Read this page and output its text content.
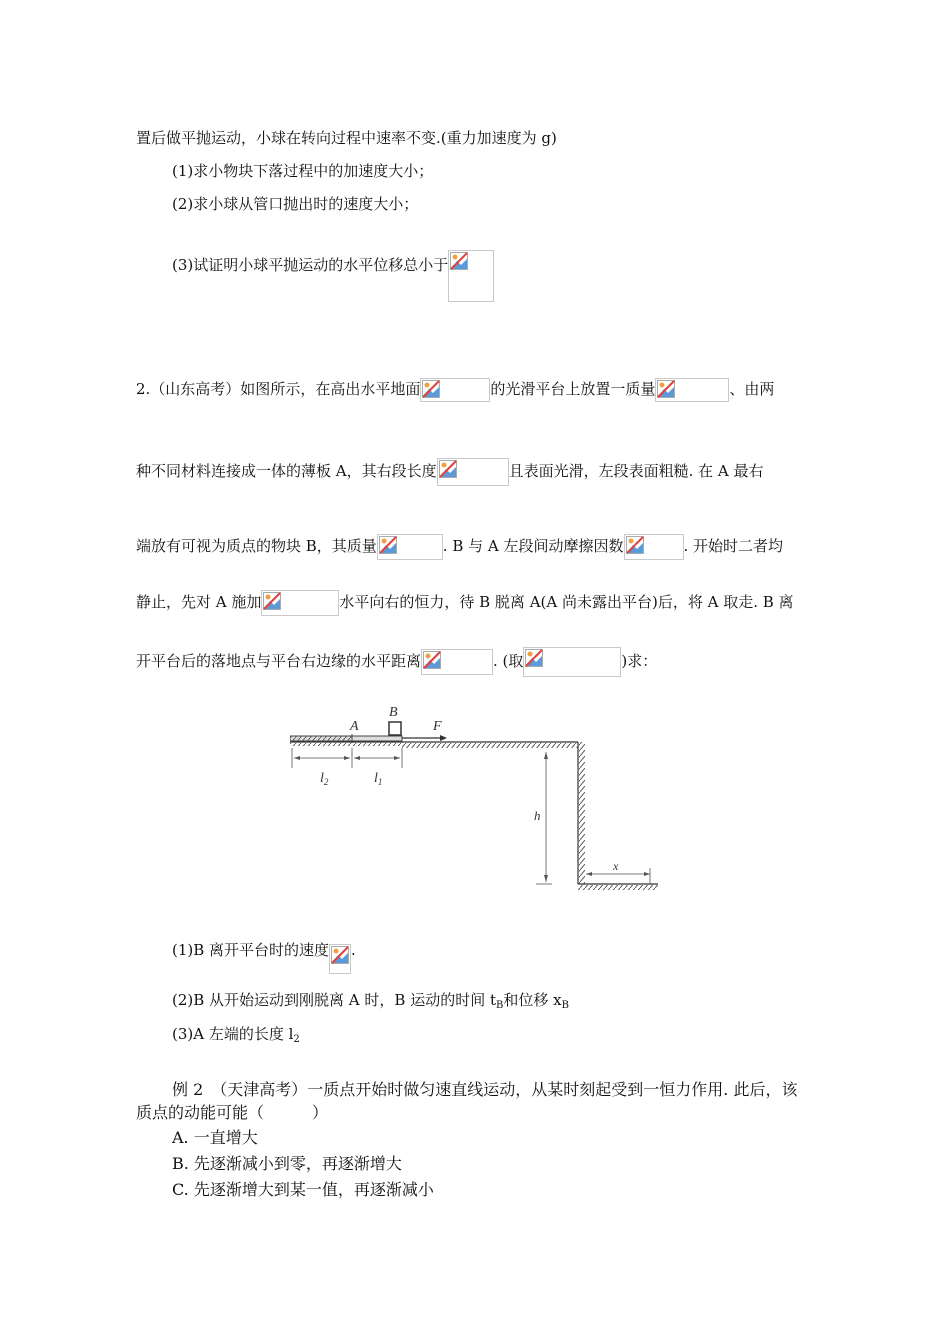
置后做平抛运动，小球在转向过程中速率不变.(重力加速度为 g)
(1)求小物块下落过程中的加速度大小；
(2)求小球从管口抛出时的速度大小；
(3)试证明小球平抛运动的水平位移总小于
2.（山东高考）如图所示，在高出水平地面	的光滑平台上放置一质量	、由两
种不同材料连接成一体的薄板 A，其右段长度	且表面光滑，左段表面粗糙. 在 A 最右
端放有可视为质点的物块 B，其质量	. B 与 A 左段间动摩擦因数	. 开始时二者均
静止，先对 A 施加	水平向右的恒力，待 B 脱离 A(A 尚未露出平台)后，将 A 取走. B 离
开平台后的落地点与平台右边缘的水平距离	. (取	)求：
A
B
F
$l_2$	$l_1$
h
x
(1)B 离开平台时的速度 .
(2)B 从开始运动到刚脱离 A 时，B 运动的时间 $t_B$和位移 $x_B$
(3)A 左端的长度 $l_2$
例 2　（天津高考）一质点开始时做匀速直线运动，从某时刻起受到一恒力作用. 此后，该
质点的动能可能（　　　）
A. 一直增大
B. 先逐渐减小到零，再逐渐增大
C. 先逐渐增大到某一值，再逐渐减小
